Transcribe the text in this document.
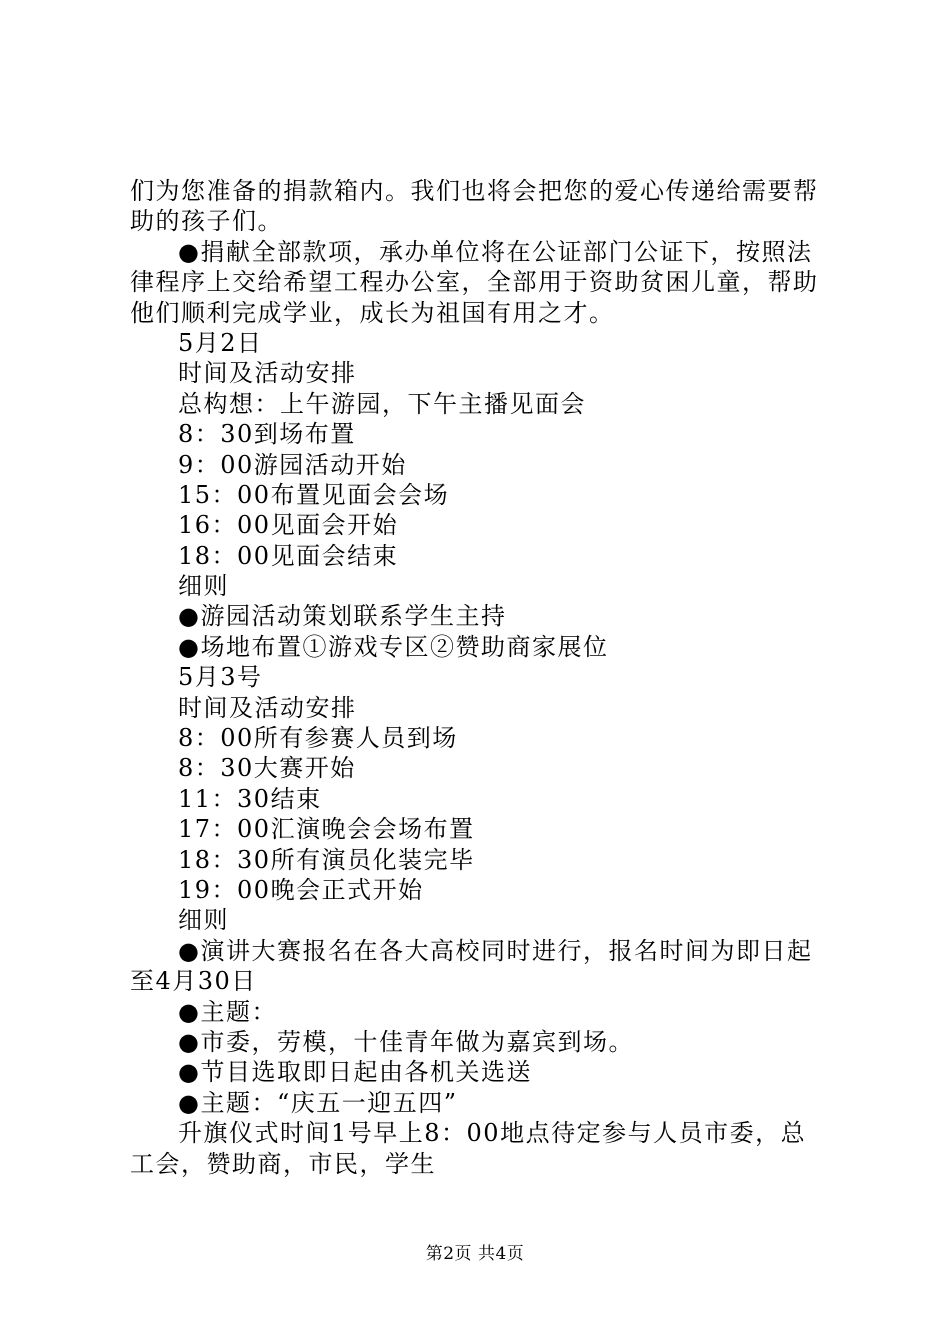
们为您准备的捐款箱内。我们也将会把您的爱心传递给需要帮
助的孩子们。
●捐献全部款项，承办单位将在公证部门公证下，按照法
律程序上交给希望工程办公室，全部用于资助贫困儿童，帮助
他们顺利完成学业，成长为祖国有用之才。
5月2日
时间及活动安排
总构想：上午游园，下午主播见面会
8：30到场布置
9：00游园活动开始
15：00布置见面会会场
16：00见面会开始
18：00见面会结束
细则
●游园活动策划联系学生主持
●场地布置①游戏专区②赞助商家展位
5月3号
时间及活动安排
8：00所有参赛人员到场
8：30大赛开始
11：30结束
17：00汇演晚会会场布置
18：30所有演员化装完毕
19：00晚会正式开始
细则
●演讲大赛报名在各大高校同时进行，报名时间为即日起
至4月30日
●主题：
●市委，劳模，十佳青年做为嘉宾到场。
●节目选取即日起由各机关选送
●主题：“庆五一迎五四”
升旗仪式时间1号早上8：00地点待定参与人员市委，总
工会，赞助商，市民，学生
第2页 共4页
